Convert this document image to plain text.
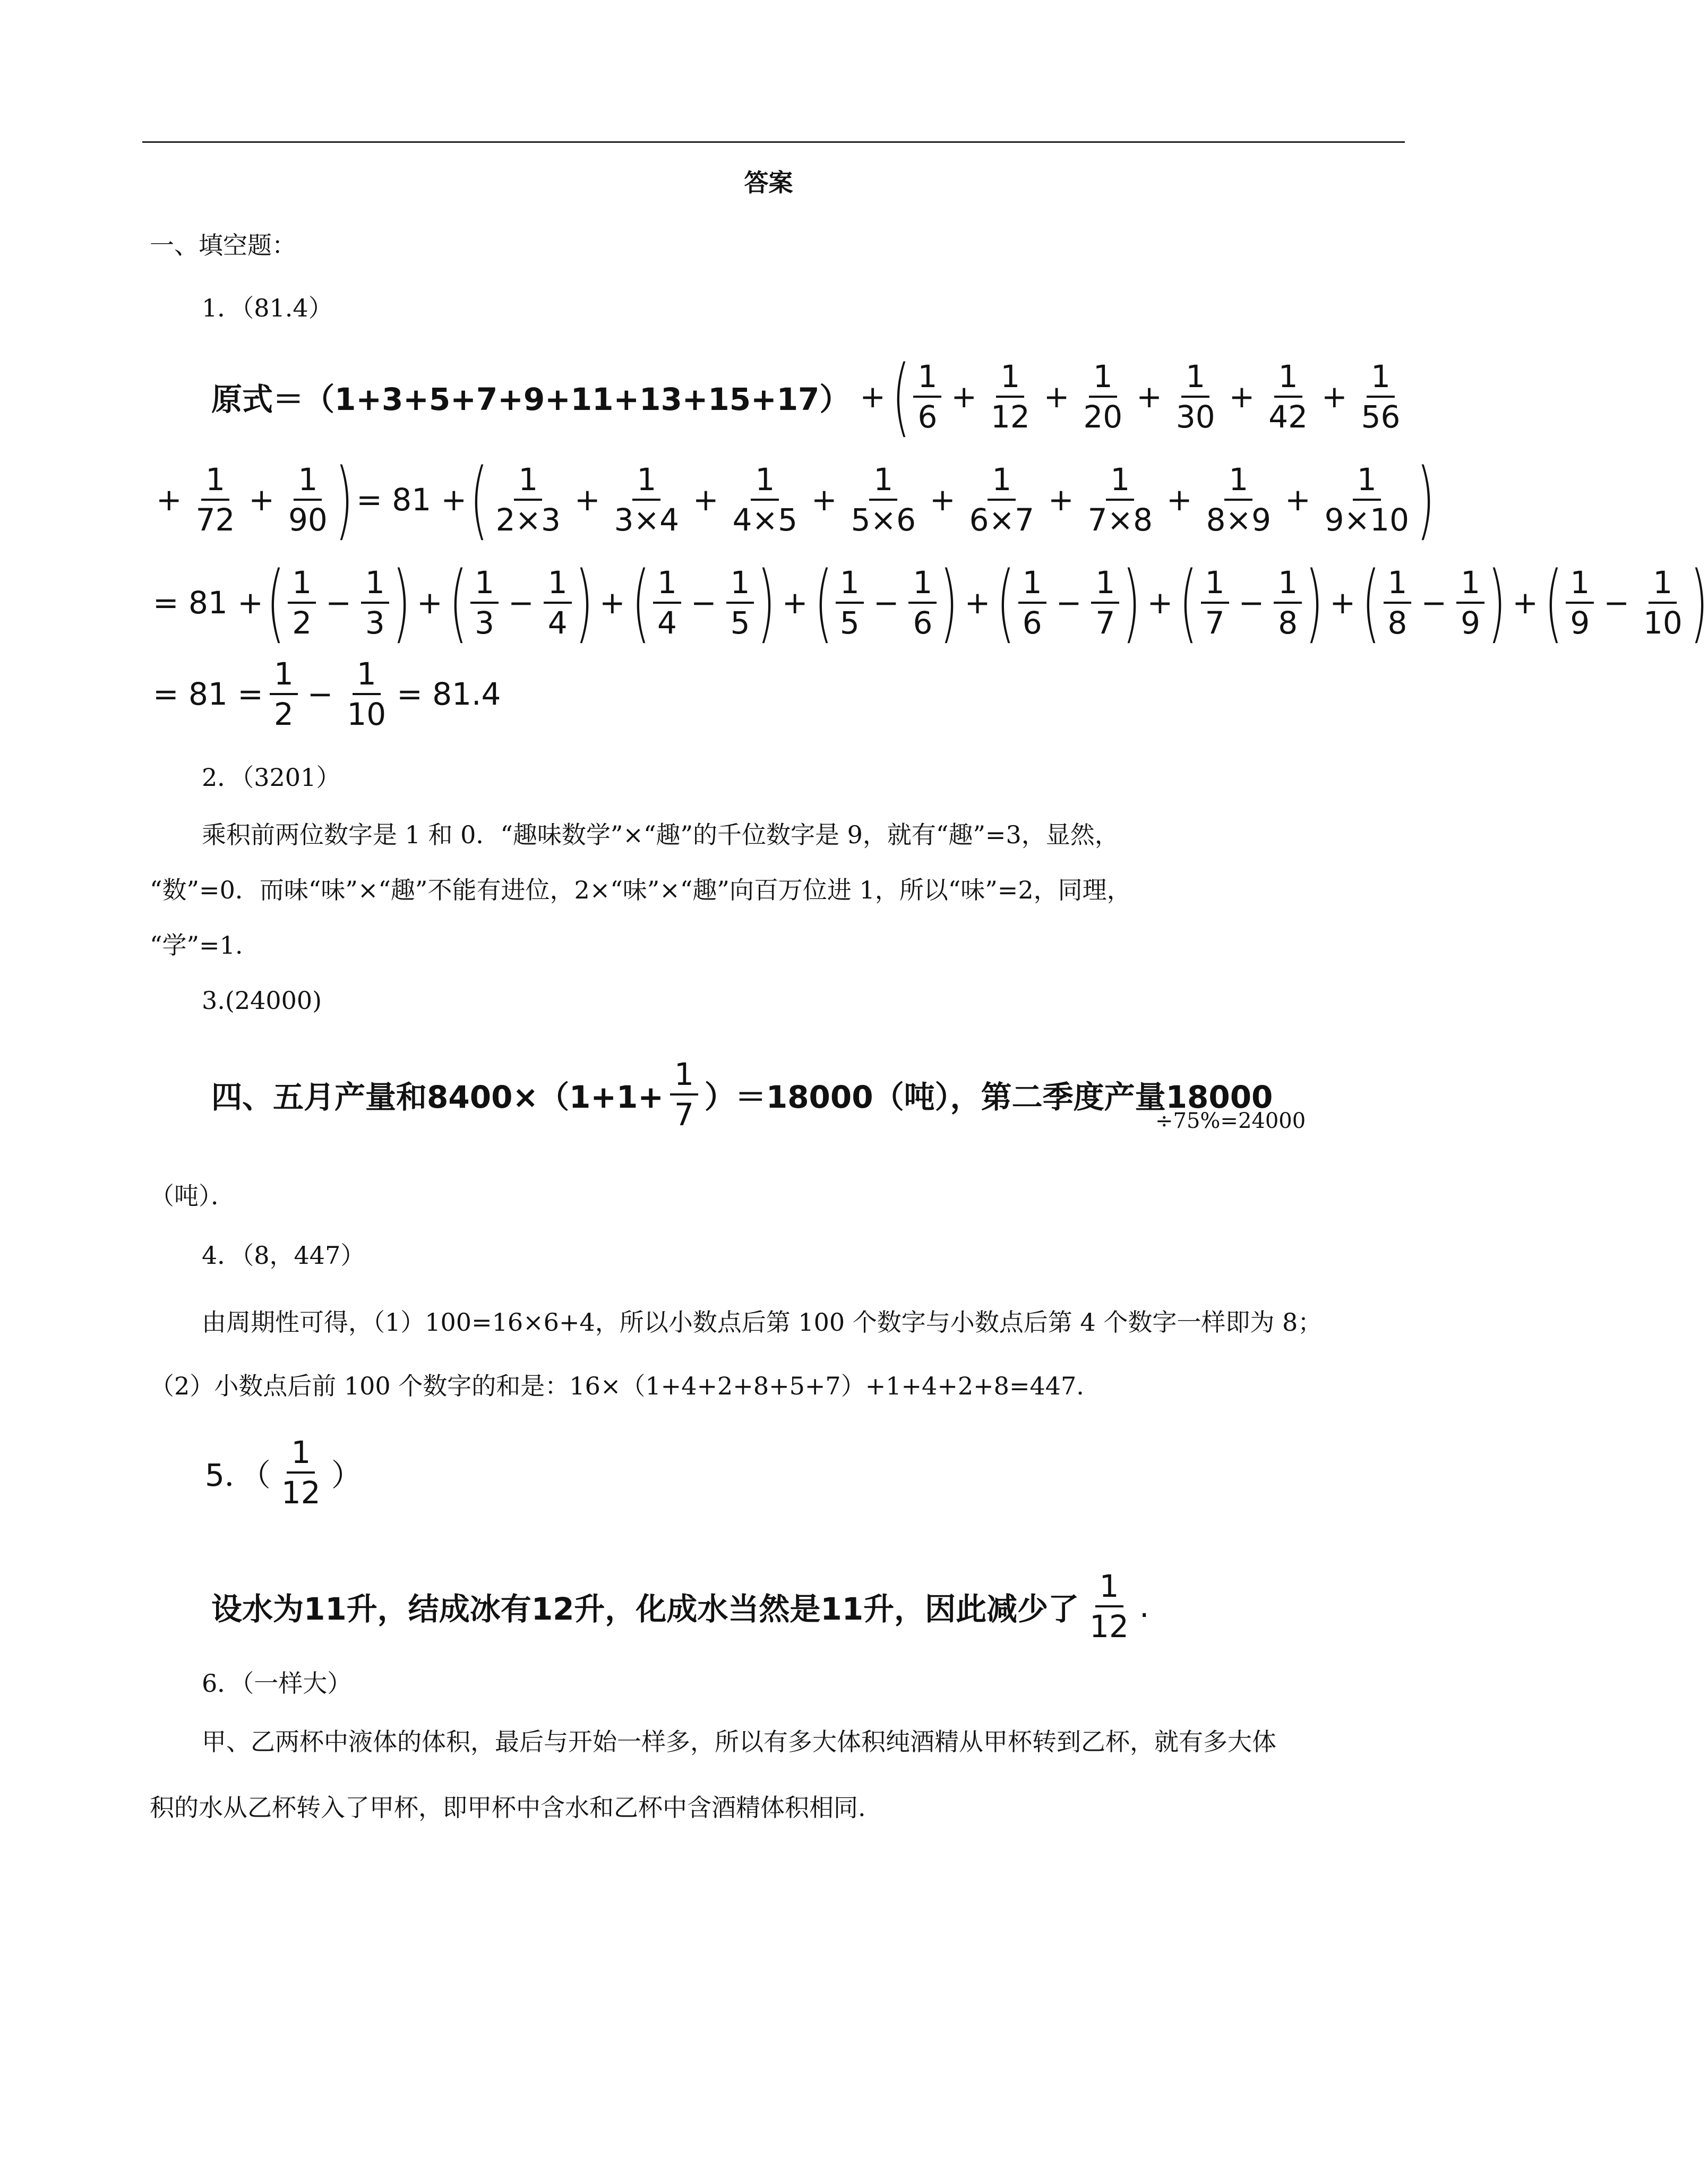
答案
一、填空题：
1．（81.4）
原式＝（1+3+5+7+9+11+13+15+17） + ( $\frac{1}{6} + \frac{1}{12} + \frac{1}{20} + \frac{1}{30} + \frac{1}{42} + \frac{1}{56}$
+ $\frac{1}{72} + \frac{1}{90}$ ) = 81 + ( $\frac{1}{2\times 3} + \frac{1}{3\times 4} + \frac{1}{4\times 5} + \frac{1}{5\times 6} + \frac{1}{6\times 7} + \frac{1}{7\times 8} + \frac{1}{8\times 9} + \frac{1}{9\times 10}$ )
= 81 + ( $\frac{1}{2} - \frac{1}{3}$ ) + ( $\frac{1}{3} - \frac{1}{4}$ ) + ( $\frac{1}{4} - \frac{1}{5}$ ) + ( $\frac{1}{5} - \frac{1}{6}$ ) + ( $\frac{1}{6} - \frac{1}{7}$ ) + ( $\frac{1}{7} - \frac{1}{8}$ ) + ( $\frac{1}{8} - \frac{1}{9}$ ) + ( $\frac{1}{9} - \frac{1}{10}$ )
= $81 = \frac{1}{2} - \frac{1}{10} = 81.4$
2．（3201）
乘积前两位数字是 1 和 0．“趣味数学”×“趣”的千位数字是 9，就有“趣”=3，显然，
“数”=0．而味“味”×“趣”不能有进位，2×“味”×“趣”向百万位进 1，所以“味”=2，同理，
“学”=1.
3.(24000)
四、五月产量和$8400\times(1+1+ \frac{1}{7} )=18000$（吨），第二季度产量18000
÷75%=24000
（吨）．
4．（8，447）
由周期性可得，（1）100=16×6+4，所以小数点后第 100 个数字与小数点后第 4 个数字一样即为 8；
（2）小数点后前 100 个数字的和是：16×（1+4+2+8+5+7）+1+4+2+8=447.
5．（ $\frac{1}{12}$ ）
设水为11升，结成冰有12升，化成水当然是11升，因此减少了 $\frac{1}{12}$ .
6．（一样大）
甲、乙两杯中液体的体积，最后与开始一样多，所以有多大体积纯酒精从甲杯转到乙杯，就有多大体
积的水从乙杯转入了甲杯，即甲杯中含水和乙杯中含酒精体积相同.
